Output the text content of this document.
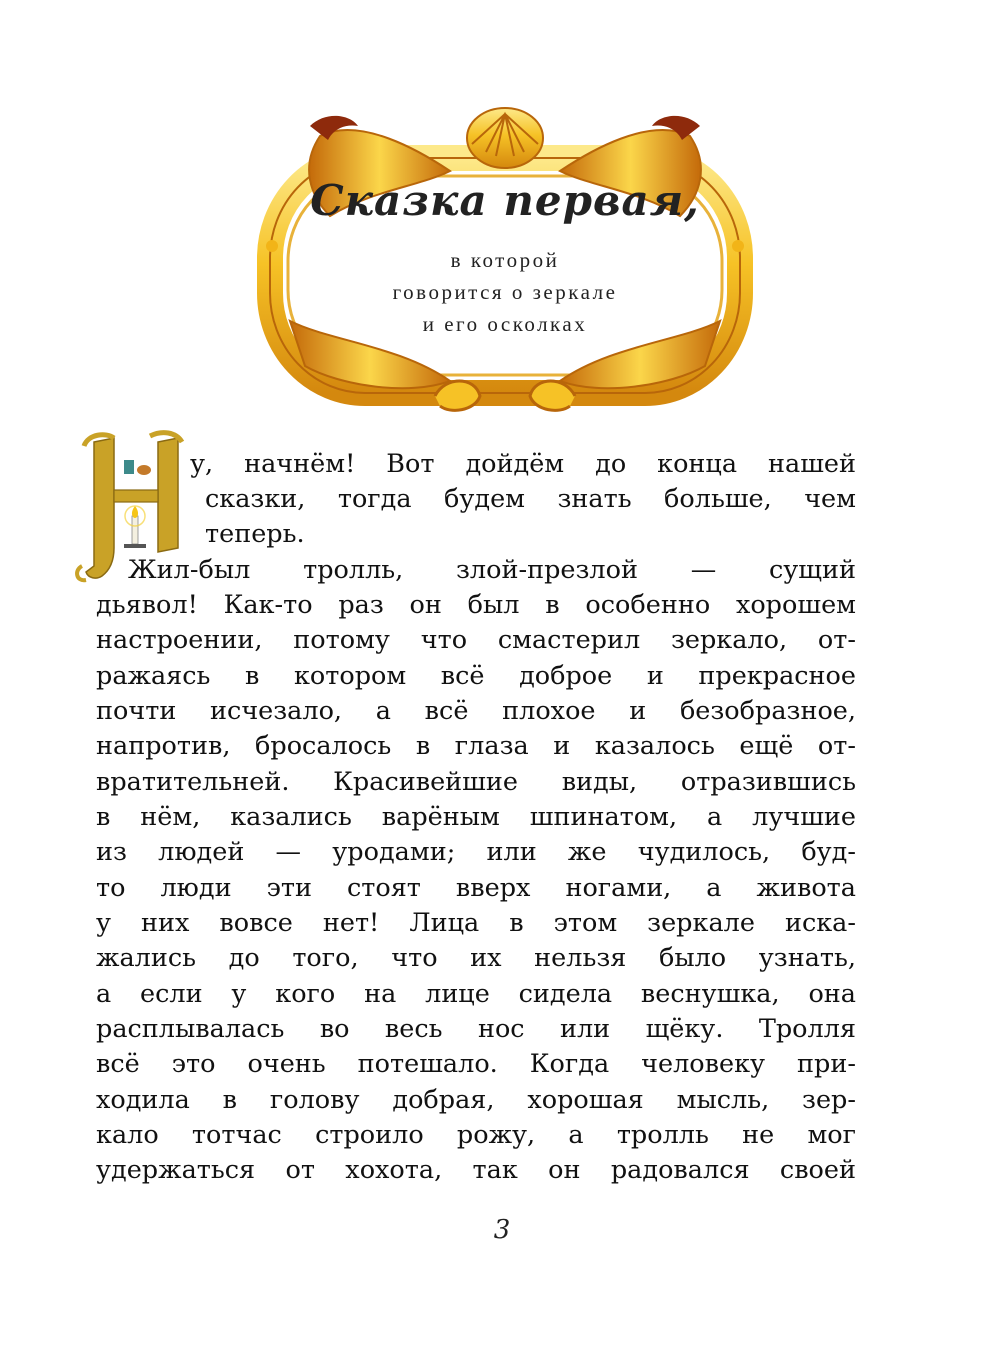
Сказка первая,

в которой

говорится о зеркале

и его осколках

у, начнём! Вот дойдём до конца нашей

сказки, тогда будем знать больше, чем

теперь.

Жил-был тролль, злой-презлой — сущий

дьявол! Как-то раз он был в особенно хорошем

настроении, потому что смастерил зеркало, от-

ражаясь в котором всё доброе и прекрасное

почти исчезало, а всё плохое и безобразное,

напротив, бросалось в глаза и казалось ещё от-

вратительней. Красивейшие виды, отразившись

в нём, казались варёным шпинатом, а лучшие

из людей — уродами; или же чудилось, буд-

то люди эти стоят вверх ногами, а живота

у них вовсе нет! Лица в этом зеркале иска-

жались до того, что их нельзя было узнать,

а если у кого на лице сидела веснушка, она

расплывалась во весь нос или щёку. Тролля

всё это очень потешало. Когда человеку при-

ходила в голову добрая, хорошая мысль, зер-

кало тотчас строило рожу, а тролль не мог

удержаться от хохота, так он радовался своей

3
